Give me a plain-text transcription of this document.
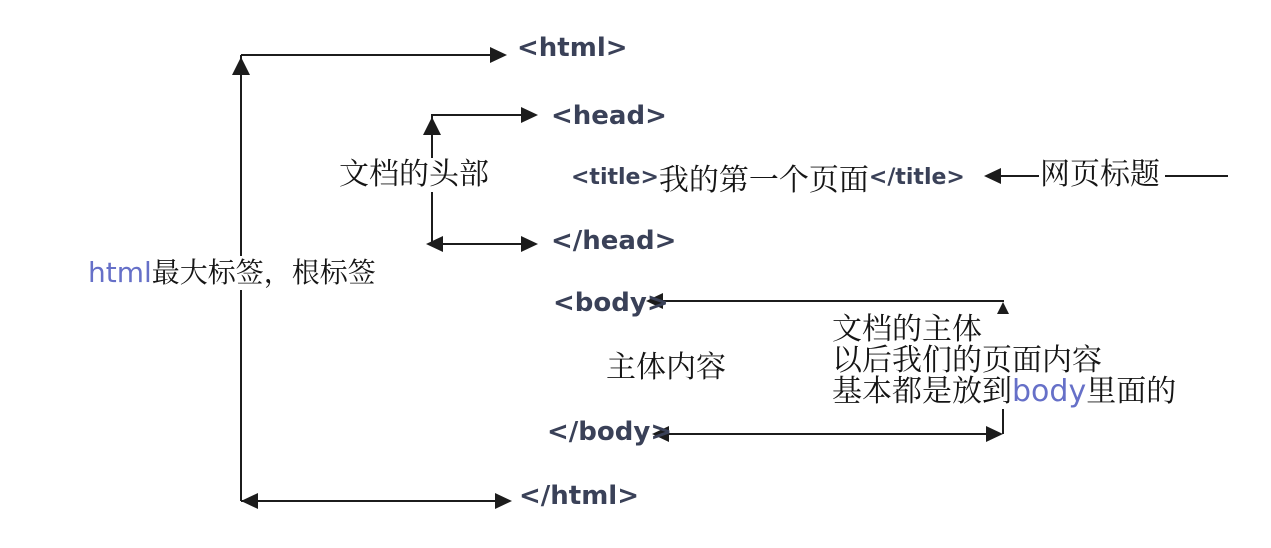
<html>
<head>
</head>
<body>
</body>
</html>
<title> 我的第一个页面 </title>	网页标题
html最大标签，根标签
文档的头部
主体内容
文档的主体
以后我们的页面内容
基本都是放到body里面的
